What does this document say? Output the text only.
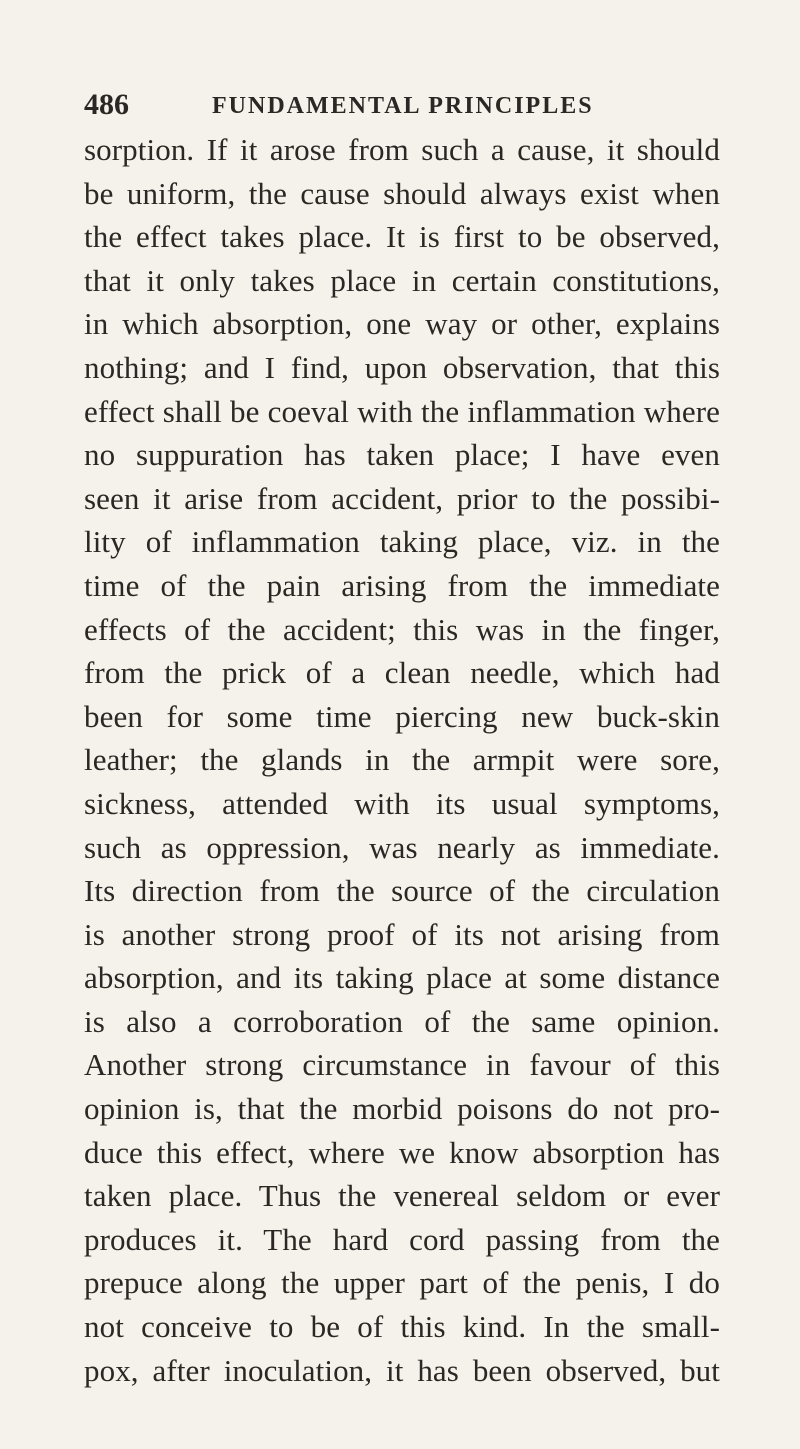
486	FUNDAMENTAL PRINCIPLES
sorption. If it arose from such a cause, it should
be uniform, the cause should always exist when
the effect takes place. It is first to be observed,
that it only takes place in certain constitutions,
in which absorption, one way or other, explains
nothing; and I find, upon observation, that this
effect shall be coeval with the inflammation where
no suppuration has taken place; I have even
seen it arise from accident, prior to the possibi-
lity of inflammation taking place, viz. in the
time of the pain arising from the immediate
effects of the accident; this was in the finger,
from the prick of a clean needle, which had
been for some time piercing new buck-skin
leather; the glands in the armpit were sore,
sickness, attended with its usual symptoms,
such as oppression, was nearly as immediate.
Its direction from the source of the circulation
is another strong proof of its not arising from
absorption, and its taking place at some distance
is also a corroboration of the same opinion.
Another strong circumstance in favour of this
opinion is, that the morbid poisons do not pro-
duce this effect, where we know absorption has
taken place. Thus the venereal seldom or ever
produces it. The hard cord passing from the
prepuce along the upper part of the penis, I do
not conceive to be of this kind. In the small-
pox, after inoculation, it has been observed, but
